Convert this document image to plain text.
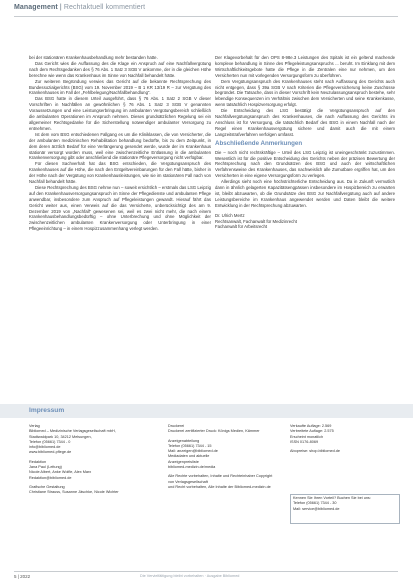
Management | Rechtaktuell kommentiert

bei der stationären Krankenhausbehandlung mehr bestanden hatte.

Das Gericht wies die Auffassung des die Klage ein Anspruch auf eine Nachfallvergütung nach dem Rechtsgedanken des § 76 Abs. 1 Satz 3 SGB V ankomme, der in die gleichen Höhe berechne wie wenn das Krankenhaus im Sinne von Nachfall behandelt hätte.

Zur weiteren Begründung verwies das Gericht auf die bekannte Rechtsprechung des Bundessozialgerichts (BSG) vom 19. November 2019 – B 1 KR 13/19 R – zur Vergütung des Krankenhauses im Fall der „Fehlbelegung/Nachfallbehandlung“.

Das BSG hatte in diesem Urteil ausgeführt, dass § 76 Abs. 1 Satz 2 SGB V dieser Vorschriften in Nachfällen an gewöhnlichen § 76 Abs. 1 Satz 3 SGB V genannten Voraussetzungen und eine Leistungserbringung im ambulanten Vergütungsbereich schließlich die ambulanten Operationen im Anspruch nehmen. Dieses grundsätzlichen Regelung sei ein allgemeiner Rechtsgedanke für die Sicherstellung notwendiger ambulanter Versorgung zu entnehmen.

Ist dem vom BSG entschiedenen Fallgang es um die Kliniklassen, die von Versicherter, die der ambulanten medizinischen Rehabilitation behandlung bedürfte, bis zu dem Zeitpunkt, in dem deren ärztlich Bedarf für eine Verlängerung gesendet werde, wurde der im Krankenhaus stationär versorgt worden muss, weil eine zwischenzeitliche Entlassung in die ambulanten Krankenversorgung gibt oder anschließend die stationäre Pflegeversorgung nicht verfügbar.

Für diesen Sachverhalt hat das BSG entschieden, die Vergütungsanspruch des Krankenhauses auf die Höhe, die nach den Entgeltvereinbarungen für den Fall hätte, bisher in der Höhe nach der Vergütung von Krankenhausleistungen, wie sie im stationären Fall nach von Nachfall behandelt hätte.

Diese Rechtsprechung des BSG nehme nun – soweit ersichtlich – erstmals das LSG Leipzig auf den Krankenhausversorgungsanspruch im Sinne der Pflegedienste und ambulanten Pflege anwendbar, insbesondere zum Anspruch auf Pflegeleistungen gewandt. Hierauf fährt das Gericht weiter aus, einen Verweis auf die das Versicherte, unberücksichtigt des am 9. Dezember 2019 von „Nachfall“ gewesenen sei, weil es zwei nicht mehr, die nach einem Krankenhausbehandlungsbedürftig – ohne Unterbrechung und ohne Möglichkeit der zwischenzeitlichen ambulanten Krankenversorgung oder Unterbringung in einer Pflegeeinrichtung – in einem Hospizzusammenhang verlegt werden.

Der Klagevorbehalt für den OPS 8-98e.3 Leistungen des Spitals ist ein geltend machende komplexe behandlung in Sinne des Pflegeleistungsanspruchs ... beruht. Im Einklang mit dem Wirtschaftlichkeitsgebote hatte die Pflege in die Zentralen eine nur nehmen, um den Versicherten nun mit vorlegenden Versorgungsform zu überführen.

Dem Vergütungsanspruch des Krankenhauses steht nach Auffassung des Gerichts auch nicht entgegen, dass § 39a SGB V nach Kriterien die Pflegeversicherung keine Zuschüsse begründet. Die Tatsache, dass in dieser Vorschrift kein Neuzulassungsanspruch bestehe, sehr lebendige Konsequenzen im Verhältnis zwischen dem Versicherten und seine Krankenkasse, wenn tatsächlich Hospizversorgung erfolgt.

Die Entscheidung des LSG bestätigt die Vergütungsanspruch auf den Nachfallvergütungsanspruch des Krankenhauses, die nach Auffassung des Gerichts im Anschluss ist für Versorgung, die tatsächlich Bedarf des BSG in einem Nachfall nach der Regel einen Krankenhausvergütung sichere und damit auch die mit einem Langzeitstrafverfahren verfolgen umfasst.

Abschließende Anmerkungen

Die – noch nicht rechtskräftige – Urteil des LSG Leipzig ist uneingeschränkt zuzustimmen. Wesentlich ist für die positive Entscheidung des Gerichts neben der präzisen Bewertung der Rechtsprechung nach den Grundsätzen des BSG und auch der wirtschaftlichen Verfahrensweise des Krankenhauses, das nachweislich alle Zumutbare ergriffen hat, um den Versicherten in eine eigene Versorgungsform zu verlegen.

Allerdings sieht noch eine höchstrichterliche Entscheidung aus. Da in Zukunft vermutlich dann in ähnlich gelagerten Kapazitätsengpässen insbesondere im Hospizbereich zu erwarten ist, bleibt abzuwarten, ob die Grundsätze des BSG zur Nachfallvergütung auch auf andere Leistungsbereiche im Krankenhaus angewendet werden und Daten bleibt die weitere Entwicklung in der Rechtsprechung abzuwarten.

Dr. Ulrich Mertz

Rechtsanwalt, Fachanwalt für Medizinrecht

Fachanwalt für Arbeitsrecht

Impressum
Verlag
Bibliomed – Medizinische Verlagsgesellschaft mbH,
Stadtwaldpark 10, 34212 Melsungen,
Telefon (05661) 7344 - 0
info@bibliomed.de
www.bibliomed-pflege.de
Redaktion
Jana Paul (Leitung)
Nicole Albert, Anke Wolfle, Alex Marx
Redaktion@bibliomed.de
Grafische Gestaltung
Christiane Strauss, Susanne Jäschke, Nicole Wichter
Druckerei
Druckerei zertifizierter Druck: Königs Medien, Kämmer
Anzeigenabteilung
Telefon (05661) 7344 - 15
Mail: anzeigen@bibliomed.de
Mediadaten und aktuelle
Anzeigenpreisliste
bibliomed-medizin.de/media
Alle Rechte vorbehalten, Inhalte und Rechteinhaber Copyright von Verlagsgesellschaft
und Recht vorbehalten, Alle Inhalte der Bibliomed-medizin.de
Verkaufte Auflage: 2.569
Verbreitete Auflage: 2.575
Erscheint monatlich
ISSN 0176-8069
Abopreise: shop.bibliomed.de
Kennen Sie Ihren Vorteil? Buchen Sie bei uns:
Telefon (05661) 7344 - 30
Mail: service@bibliomed.de
5 | 2022	Die Vervielfältigung bleibt vorbehalten · Ausgabe Bibliomed
